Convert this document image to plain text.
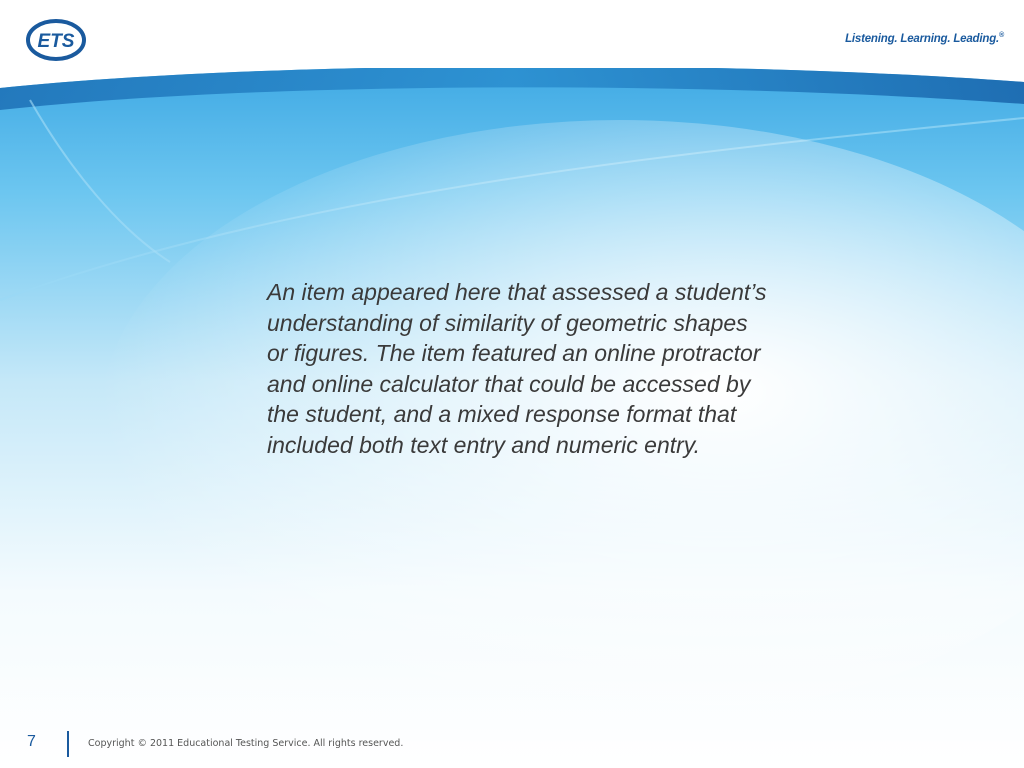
ETS	Listening. Learning. Leading.®

An item appeared here that assessed a student’s understanding of similarity of geometric shapes or figures. The item featured an online protractor and online calculator that could be accessed by the student, and a mixed response format that included both text entry and numeric entry.

7	Copyright © 2011 Educational Testing Service. All rights reserved.
